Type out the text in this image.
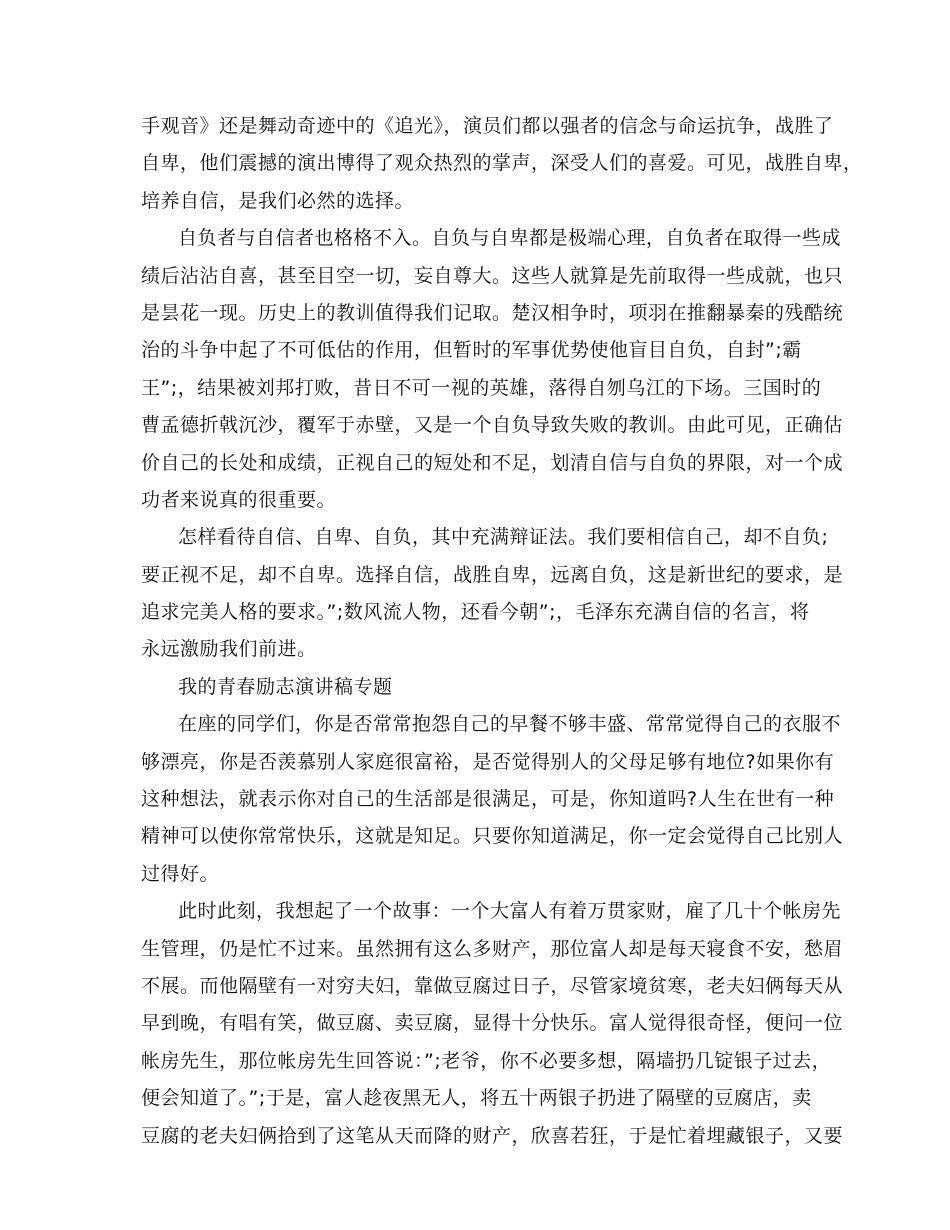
手观音》还是舞动奇迹中的《追光》，演员们都以强者的信念与命运抗争，战胜了
自卑，他们震撼的演出博得了观众热烈的掌声，深受人们的喜爱。可见，战胜自卑，
培养自信，是我们必然的选择。
自负者与自信者也格格不入。自负与自卑都是极端心理，自负者在取得一些成
绩后沾沾自喜，甚至目空一切，妄自尊大。这些人就算是先前取得一些成就，也只
是昙花一现。历史上的教训值得我们记取。楚汉相争时，项羽在推翻暴秦的残酷统
治的斗争中起了不可低估的作用，但暂时的军事优势使他盲目自负，自封”;霸
王”;，结果被刘邦打败，昔日不可一视的英雄，落得自刎乌江的下场。三国时的
曹孟德折戟沉沙，覆军于赤壁，又是一个自负导致失败的教训。由此可见，正确估
价自己的长处和成绩，正视自己的短处和不足，划清自信与自负的界限，对一个成
功者来说真的很重要。
怎样看待自信、自卑、自负，其中充满辩证法。我们要相信自己，却不自负;
要正视不足，却不自卑。选择自信，战胜自卑，远离自负，这是新世纪的要求，是
追求完美人格的要求。”;数风流人物，还看今朝”;，毛泽东充满自信的名言，将
永远激励我们前进。
我的青春励志演讲稿专题
在座的同学们，你是否常常抱怨自己的早餐不够丰盛、常常觉得自己的衣服不
够漂亮，你是否羡慕别人家庭很富裕，是否觉得别人的父母足够有地位?如果你有
这种想法，就表示你对自己的生活部是很满足，可是，你知道吗?人生在世有一种
精神可以使你常常快乐，这就是知足。只要你知道满足，你一定会觉得自己比别人
过得好。
此时此刻，我想起了一个故事：一个大富人有着万贯家财，雇了几十个帐房先
生管理，仍是忙不过来。虽然拥有这么多财产，那位富人却是每天寝食不安，愁眉
不展。而他隔壁有一对穷夫妇，靠做豆腐过日子，尽管家境贫寒，老夫妇俩每天从
早到晚，有唱有笑，做豆腐、卖豆腐，显得十分快乐。富人觉得很奇怪，便问一位
帐房先生，那位帐房先生回答说：”;老爷，你不必要多想，隔墙扔几锭银子过去，
便会知道了。”;于是，富人趁夜黑无人，将五十两银子扔进了隔壁的豆腐店，卖
豆腐的老夫妇俩拾到了这笔从天而降的财产，欣喜若狂，于是忙着埋藏银子，又要
